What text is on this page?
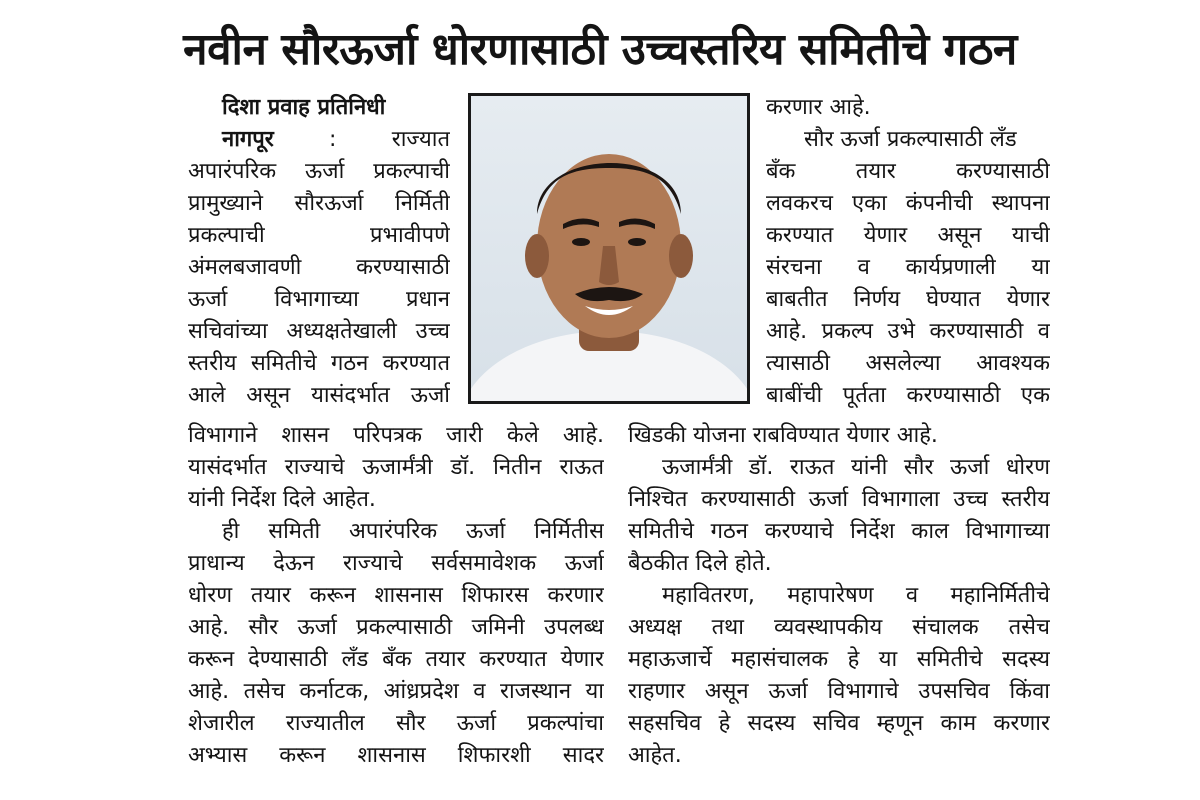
नवीन सौरऊर्जा धोरणासाठी उच्चस्तरिय समितीचे गठन
दिशा प्रवाह प्रतिनिधी
नागपूर	:	राज्यात
अपारंपरिक ऊर्जा प्रकल्पाची
प्रामुख्याने सौरऊर्जा निर्मिती
प्रकल्पाची प्रभावीपणे
अंमलबजावणी करण्यासाठी
ऊर्जा विभागाच्या प्रधान
सचिवांच्या अध्यक्षतेखाली उच्च
स्तरीय समितीचे गठन करण्यात
आले असून यासंदर्भात ऊर्जा
करणार आहे.
सौर ऊर्जा प्रकल्पासाठी लँड
बँक तयार करण्यासाठी
लवकरच एका कंपनीची स्थापना
करण्यात येणार असून याची
संरचना व कार्यप्रणाली या
बाबतीत निर्णय घेण्यात येणार
आहे. प्रकल्प उभे करण्यासाठी व
त्यासाठी असलेल्या आवश्यक
बाबींची पूर्तता करण्यासाठी एक
विभागाने शासन परिपत्रक जारी केले आहे.
यासंदर्भात राज्याचे ऊजार्मंत्री डॉ. नितीन राऊत
यांनी निर्देश दिले आहेत.
ही समिती अपारंपरिक ऊर्जा निर्मितीस
प्राधान्य देऊन राज्याचे सर्वसमावेशक ऊर्जा
धोरण तयार करून शासनास शिफारस करणार
आहे. सौर ऊर्जा प्रकल्पासाठी जमिनी उपलब्ध
करून देण्यासाठी लँड बँक तयार करण्यात येणार
आहे. तसेच कर्नाटक, आंध्रप्रदेश व राजस्थान या
शेजारील राज्यातील सौर ऊर्जा प्रकल्पांचा
अभ्यास करून शासनास शिफारशी सादर
खिडकी योजना राबविण्यात येणार आहे.
ऊजार्मंत्री डॉ. राऊत यांनी सौर ऊर्जा धोरण
निश्चित करण्यासाठी ऊर्जा विभागाला उच्च स्तरीय
समितीचे गठन करण्याचे निर्देश काल विभागाच्या
बैठकीत दिले होते.
महावितरण, महापारेषण व महानिर्मितीचे
अध्यक्ष तथा व्यवस्थापकीय संचालक तसेच
महाऊजार्चे महासंचालक हे या समितीचे सदस्य
राहणार असून ऊर्जा विभागाचे उपसचिव किंवा
सहसचिव हे सदस्य सचिव म्हणून काम करणार
आहेत.
